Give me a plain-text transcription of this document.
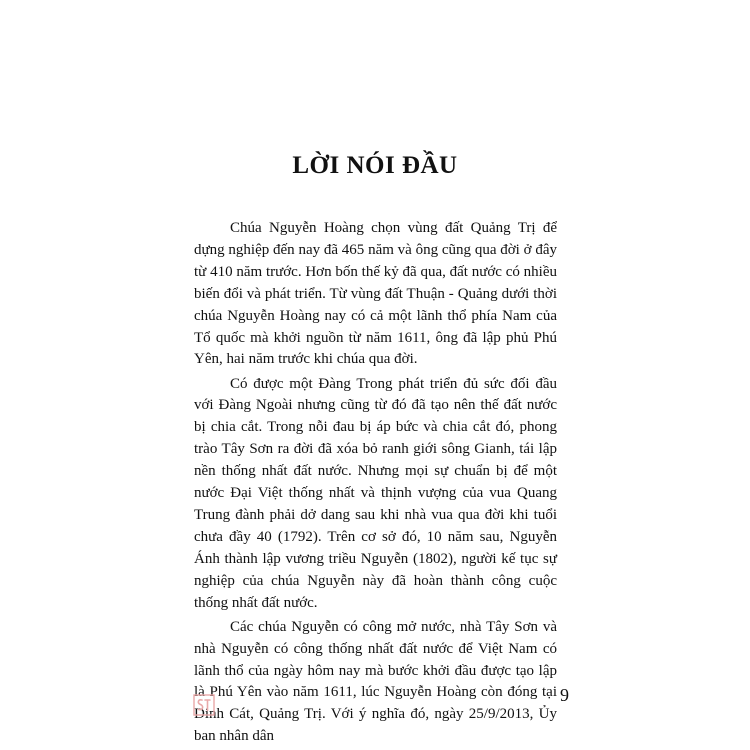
LỜI NÓI ĐẦU

Chúa Nguyễn Hoàng chọn vùng đất Quảng Trị để dựng nghiệp đến nay đã 465 năm và ông cũng qua đời ở đây từ 410 năm trước. Hơn bốn thế kỷ đã qua, đất nước có nhiều biến đổi và phát triển. Từ vùng đất Thuận - Quảng dưới thời chúa Nguyễn Hoàng nay có cả một lãnh thổ phía Nam của Tổ quốc mà khởi nguồn từ năm 1611, ông đã lập phủ Phú Yên, hai năm trước khi chúa qua đời.

Có được một Đàng Trong phát triển đủ sức đối đầu với Đàng Ngoài nhưng cũng từ đó đã tạo nên thế đất nước bị chia cắt. Trong nỗi đau bị áp bức và chia cắt đó, phong trào Tây Sơn ra đời đã xóa bỏ ranh giới sông Gianh, tái lập nền thống nhất đất nước. Nhưng mọi sự chuẩn bị để một nước Đại Việt thống nhất và thịnh vượng của vua Quang Trung đành phải dở dang sau khi nhà vua qua đời khi tuổi chưa đầy 40 (1792). Trên cơ sở đó, 10 năm sau, Nguyễn Ánh thành lập vương triều Nguyễn (1802), người kế tục sự nghiệp của chúa Nguyễn này đã hoàn thành công cuộc thống nhất đất nước.

Các chúa Nguyễn có công mở nước, nhà Tây Sơn và nhà Nguyễn có công thống nhất đất nước để Việt Nam có lãnh thổ của ngày hôm nay mà bước khởi đầu được tạo lập là Phú Yên vào năm 1611, lúc Nguyễn Hoàng còn đóng tại Dinh Cát, Quảng Trị. Với ý nghĩa đó, ngày 25/9/2013, Ủy ban nhân dân

9
